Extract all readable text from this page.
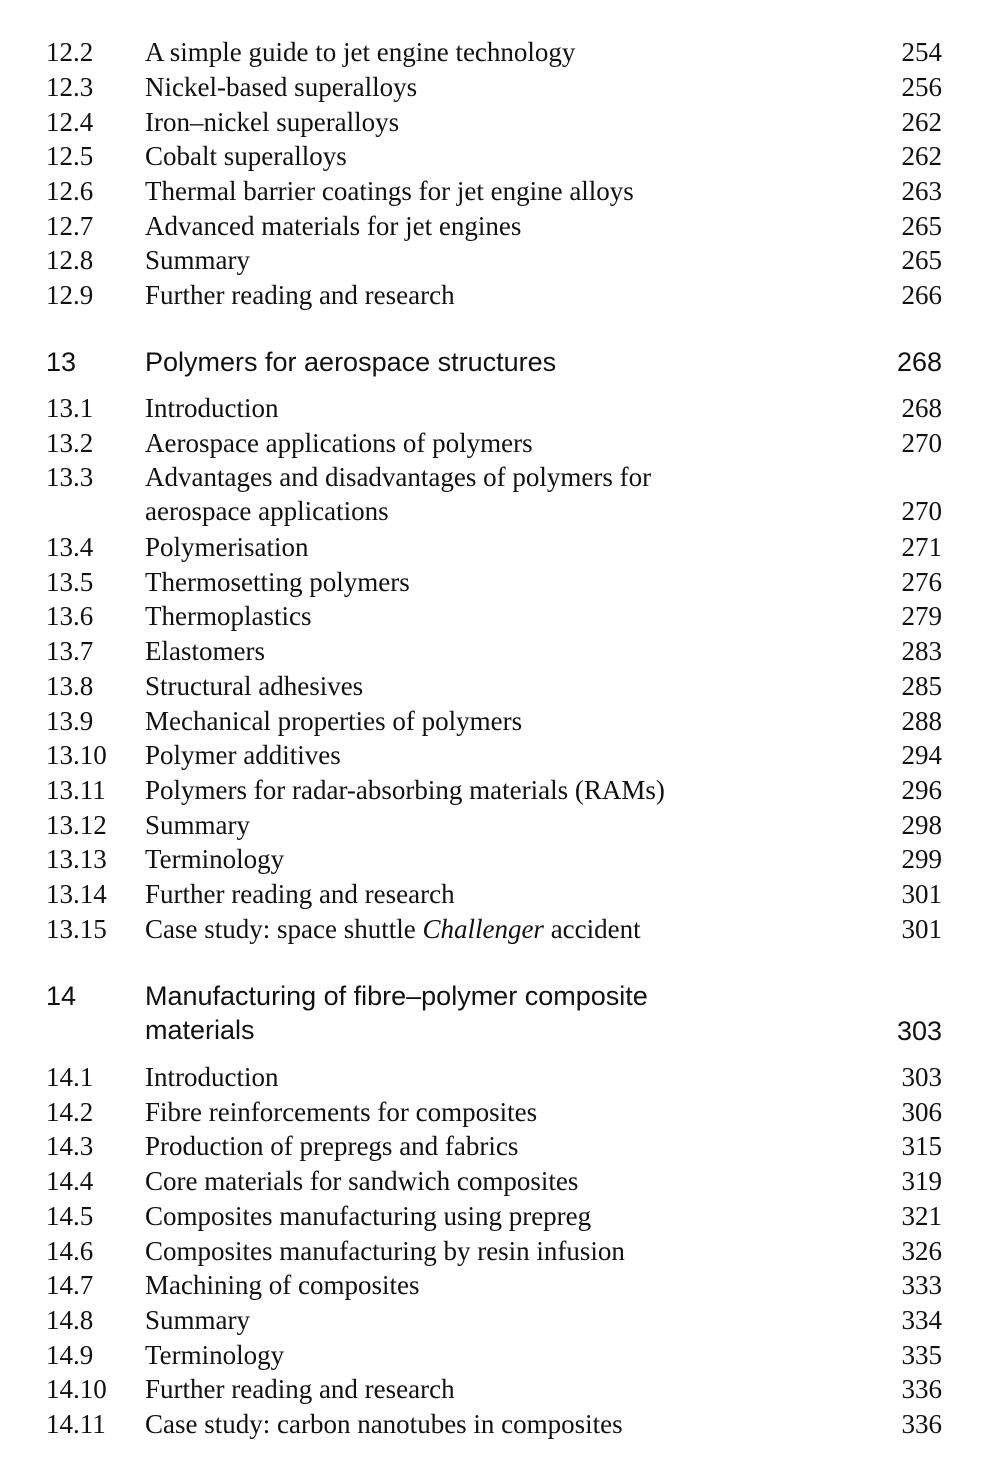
12.2 A simple guide to jet engine technology	254
12.3 Nickel-based superalloys	256
12.4 Iron–nickel superalloys	262
12.5 Cobalt superalloys	262
12.6 Thermal barrier coatings for jet engine alloys	263
12.7 Advanced materials for jet engines	265
12.8 Summary	265
12.9 Further reading and research	266
13	Polymers for aerospace structures	268
13.1 Introduction	268
13.2 Aerospace applications of polymers	270
13.3 Advantages and disadvantages of polymers for
aerospace applications	270
13.4 Polymerisation	271
13.5 Thermosetting polymers	276
13.6 Thermoplastics	279
13.7 Elastomers	283
13.8 Structural adhesives	285
13.9 Mechanical properties of polymers	288
13.10 Polymer additives	294
13.11 Polymers for radar-absorbing materials (RAMs)	296
13.12 Summary	298
13.13 Terminology	299
13.14 Further reading and research	301
13.15 Case study: space shuttle Challenger accident	301
14	Manufacturing of fibre–polymer composite
materials	303
14.1 Introduction	303
14.2 Fibre reinforcements for composites	306
14.3 Production of prepregs and fabrics	315
14.4 Core materials for sandwich composites	319
14.5 Composites manufacturing using prepreg	321
14.6 Composites manufacturing by resin infusion	326
14.7 Machining of composites	333
14.8 Summary	334
14.9 Terminology	335
14.10 Further reading and research	336
14.11 Case study: carbon nanotubes in composites	336
